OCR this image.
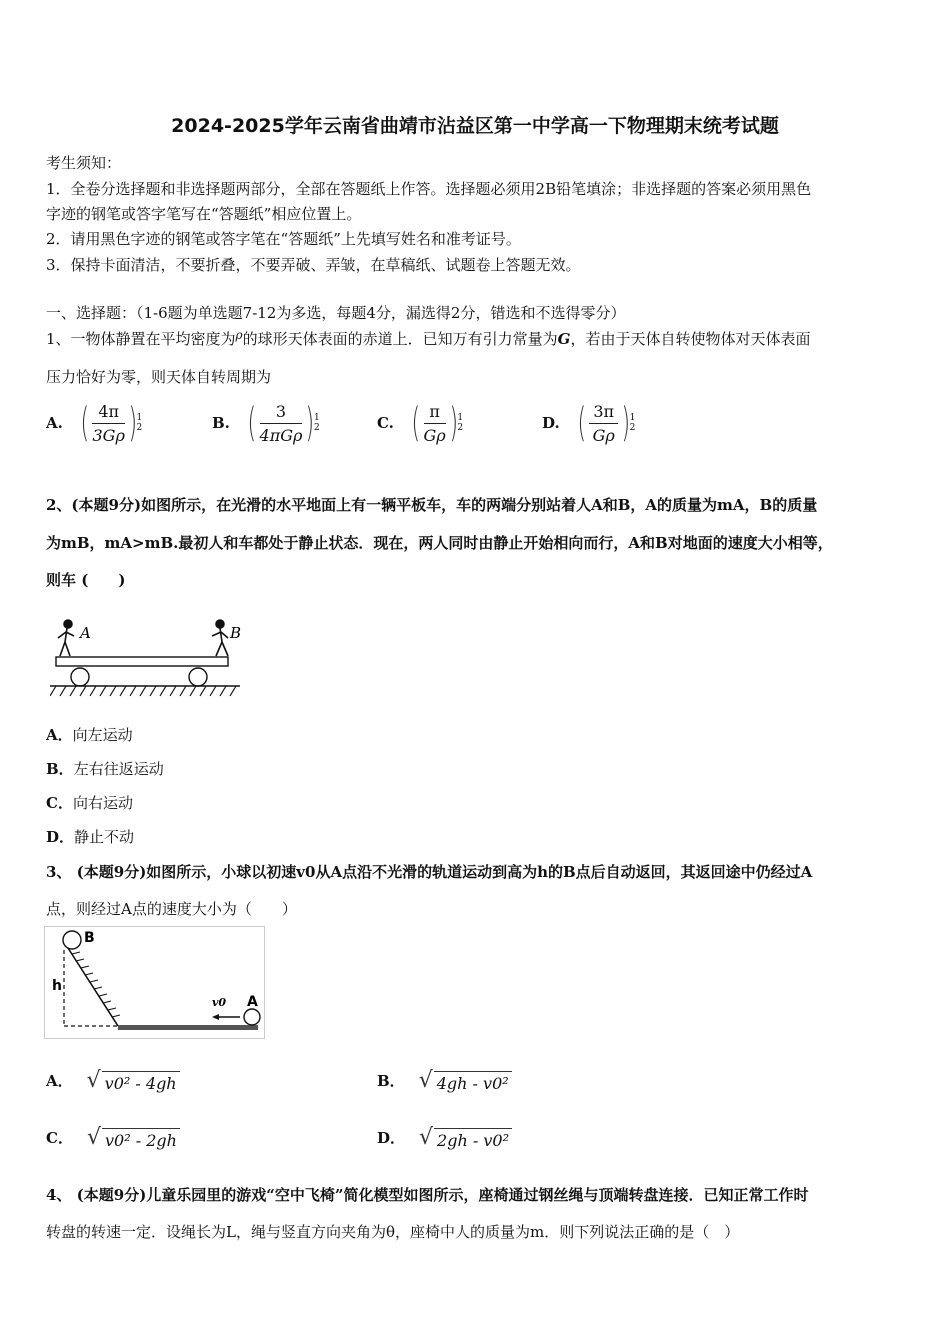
2024-2025学年云南省曲靖市沾益区第一中学高一下物理期末统考试题
考生须知：
1．全卷分选择题和非选择题两部分，全部在答题纸上作答。选择题必须用2B铅笔填涂；非选择题的答案必须用黑色
字迹的钢笔或答字笔写在“答题纸”相应位置上。
2．请用黑色字迹的钢笔或答字笔在“答题纸”上先填写姓名和准考证号。
3．保持卡面清洁，不要折叠，不要弄破、弄皱，在草稿纸、试题卷上答题无效。
一、选择题：（1-6题为单选题7-12为多选，每题4分，漏选得2分，错选和不选得零分）
1、一物体静置在平均密度为$^\rho$的球形天体表面的赤道上．已知万有引力常量为G，若由于天体自转使物体对天体表面
压力恰好为零，则天体自转周期为
A. ( $\frac{4\pi}{3G\rho}$ ) 1
2	B. ( $\frac{3}{\text{4πGρ}}$ ) 1
2	C. ( $\frac{\pi}{G\rho}$ ) 1
2	D. ( $\frac{3\pi}{G\rho}$ ) 1
2
2、(本题9分)如图所示，在光滑的水平地面上有一辆平板车，车的两端分别站着人A和B，A的质量为mA，B的质量
为mB，mA>mB.最初人和车都处于静止状态．现在，两人同时由静止开始相向而行，A和B对地面的速度大小相等，
则车 (　　)
A	B
A．向左运动
B．左右往返运动
C．向右运动
D．静止不动
3、 (本题9分)如图所示，小球以初速v0从A点沿不光滑的轨道运动到高为h的B点后自动返回，其返回途中仍经过A
点，则经过A点的速度大小为（　　）
B
h
A
v0
A． √ v0² - 4gh	B． √ 4gh - v0²
C． √ v0² - 2gh	D． √ 2gh - v0²
4、 (本题9分)儿童乐园里的游戏“空中飞椅”简化模型如图所示，座椅通过钢丝绳与顶端转盘连接．已知正常工作时
转盘的转速一定．设绳长为L，绳与竖直方向夹角为θ，座椅中人的质量为m．则下列说法正确的是（　）
